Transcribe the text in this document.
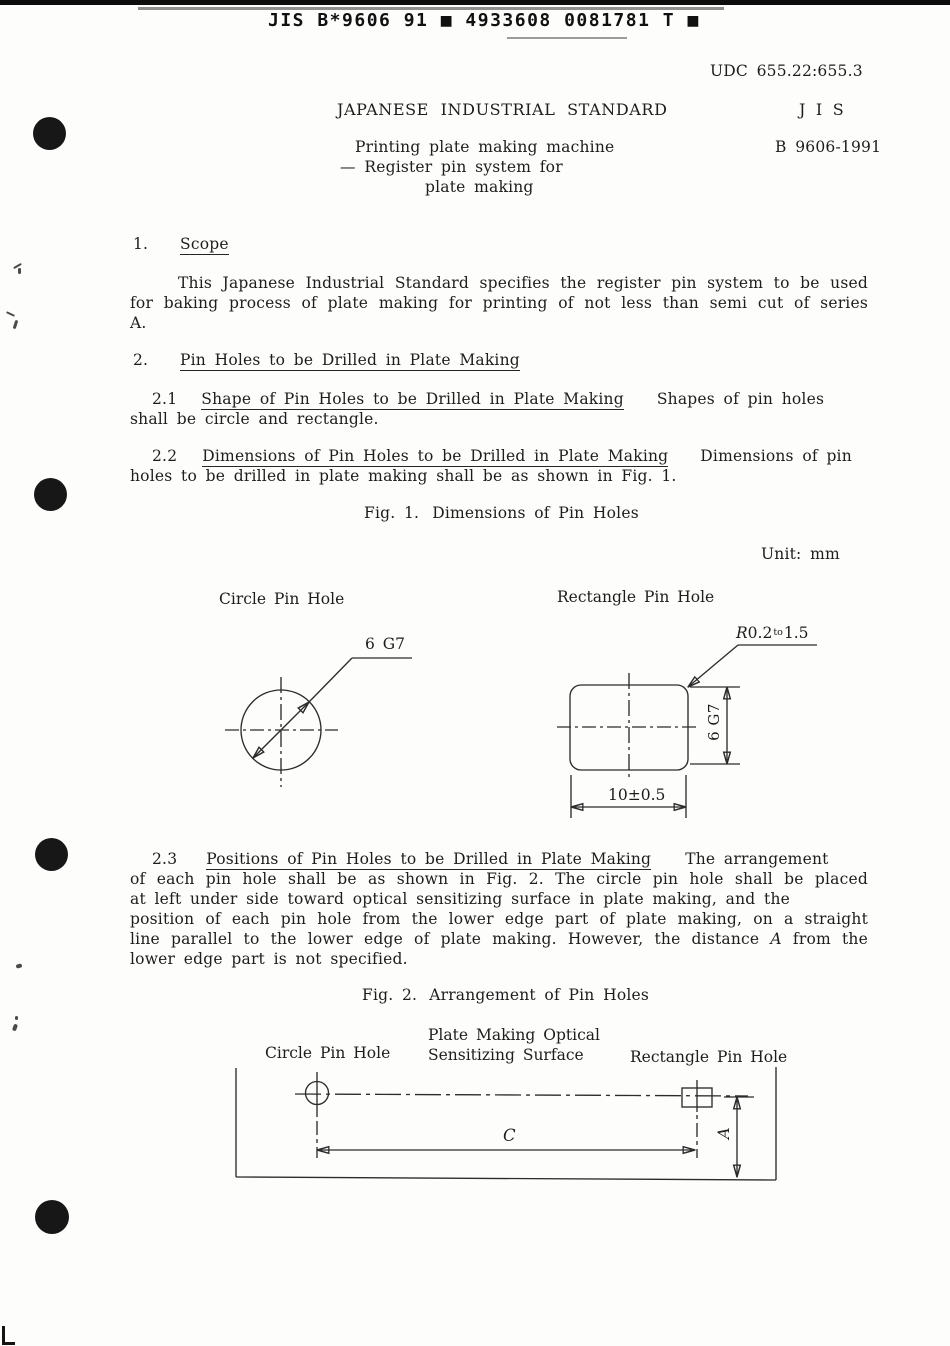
JIS B*9606 91 ■ 4933608 0081781 T ■
UDC 655.22:655.3
JAPANESE INDUSTRIAL STANDARD	J I S
Printing plate making machine
— Register pin system for
plate making
B 9606-1991
1. Scope
This Japanese Industrial Standard specifies the register pin system to be used
for baking process of plate making for printing of not less than semi cut of series
A.
2. Pin Holes to be Drilled in Plate Making
2.1 Shape of Pin Holes to be Drilled in Plate Making Shapes of pin holes
shall be circle and rectangle.
2.2 Dimensions of Pin Holes to be Drilled in Plate Making Dimensions of pin
holes to be drilled in plate making shall be as shown in Fig. 1.
Fig. 1. Dimensions of Pin Holes
Unit: mm
Circle Pin Hole	Rectangle Pin Hole
6 G7
$R0.2^{to}1.5$
6 G7
10±0.5
2.3 Positions of Pin Holes to be Drilled in Plate Making The arrangement
of each pin hole shall be as shown in Fig. 2. The circle pin hole shall be placed
at left under side toward optical sensitizing surface in plate making, and the
position of each pin hole from the lower edge part of plate making, on a straight
line parallel to the lower edge of plate making. However, the distance A from the
lower edge part is not specified.
Fig. 2. Arrangement of Pin Holes
Plate Making Optical
Sensitizing Surface
Circle Pin Hole	Rectangle Pin Hole
C	A
